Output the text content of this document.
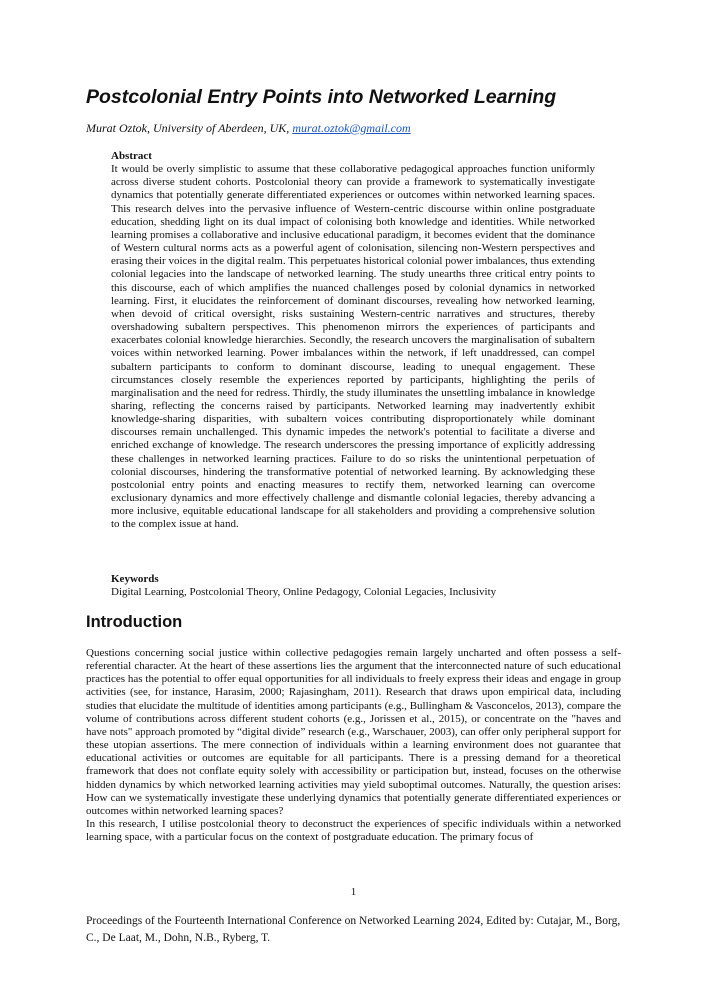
Postcolonial Entry Points into Networked Learning
Murat Oztok, University of Aberdeen, UK, murat.oztok@gmail.com
Abstract

It would be overly simplistic to assume that these collaborative pedagogical approaches function uniformly across diverse student cohorts. Postcolonial theory can provide a framework to systematically investigate dynamics that potentially generate differentiated experiences or outcomes within networked learning spaces. This research delves into the pervasive influence of Western-centric discourse within online postgraduate education, shedding light on its dual impact of colonising both knowledge and identities. While networked learning promises a collaborative and inclusive educational paradigm, it becomes evident that the dominance of Western cultural norms acts as a powerful agent of colonisation, silencing non-Western perspectives and erasing their voices in the digital realm. This perpetuates historical colonial power imbalances, thus extending colonial legacies into the landscape of networked learning. The study unearths three critical entry points to this discourse, each of which amplifies the nuanced challenges posed by colonial dynamics in networked learning. First, it elucidates the reinforcement of dominant discourses, revealing how networked learning, when devoid of critical oversight, risks sustaining Western-centric narratives and structures, thereby overshadowing subaltern perspectives. This phenomenon mirrors the experiences of participants and exacerbates colonial knowledge hierarchies. Secondly, the research uncovers the marginalisation of subaltern voices within networked learning. Power imbalances within the network, if left unaddressed, can compel subaltern participants to conform to dominant discourse, leading to unequal engagement. These circumstances closely resemble the experiences reported by participants, highlighting the perils of marginalisation and the need for redress. Thirdly, the study illuminates the unsettling imbalance in knowledge sharing, reflecting the concerns raised by participants. Networked learning may inadvertently exhibit knowledge-sharing disparities, with subaltern voices contributing disproportionately while dominant discourses remain unchallenged. This dynamic impedes the network's potential to facilitate a diverse and enriched exchange of knowledge. The research underscores the pressing importance of explicitly addressing these challenges in networked learning practices. Failure to do so risks the unintentional perpetuation of colonial discourses, hindering the transformative potential of networked learning. By acknowledging these postcolonial entry points and enacting measures to rectify them, networked learning can overcome exclusionary dynamics and more effectively challenge and dismantle colonial legacies, thereby advancing a more inclusive, equitable educational landscape for all stakeholders and providing a comprehensive solution to the complex issue at hand.

Keywords

Digital Learning, Postcolonial Theory, Online Pedagogy, Colonial Legacies, Inclusivity

Introduction

Questions concerning social justice within collective pedagogies remain largely uncharted and often possess a self-referential character. At the heart of these assertions lies the argument that the interconnected nature of such educational practices has the potential to offer equal opportunities for all individuals to freely express their ideas and engage in group activities (see, for instance, Harasim, 2000; Rajasingham, 2011). Research that draws upon empirical data, including studies that elucidate the multitude of identities among participants (e.g., Bullingham & Vasconcelos, 2013), compare the volume of contributions across different student cohorts (e.g., Jorissen et al., 2015), or concentrate on the "haves and have nots" approach promoted by “digital divide” research (e.g., Warschauer, 2003), can offer only peripheral support for these utopian assertions. The mere connection of individuals within a learning environment does not guarantee that educational activities or outcomes are equitable for all participants. There is a pressing demand for a theoretical framework that does not conflate equity solely with accessibility or participation but, instead, focuses on the otherwise hidden dynamics by which networked learning activities may yield suboptimal outcomes. Naturally, the question arises: How can we systematically investigate these underlying dynamics that potentially generate differentiated experiences or outcomes within networked learning spaces?

In this research, I utilise postcolonial theory to deconstruct the experiences of specific individuals within a networked learning space, with a particular focus on the context of postgraduate education. The primary focus of

1
Proceedings of the Fourteenth International Conference on Networked Learning 2024, Edited by: Cutajar, M., Borg, C., De Laat, M., Dohn, N.B., Ryberg, T.
